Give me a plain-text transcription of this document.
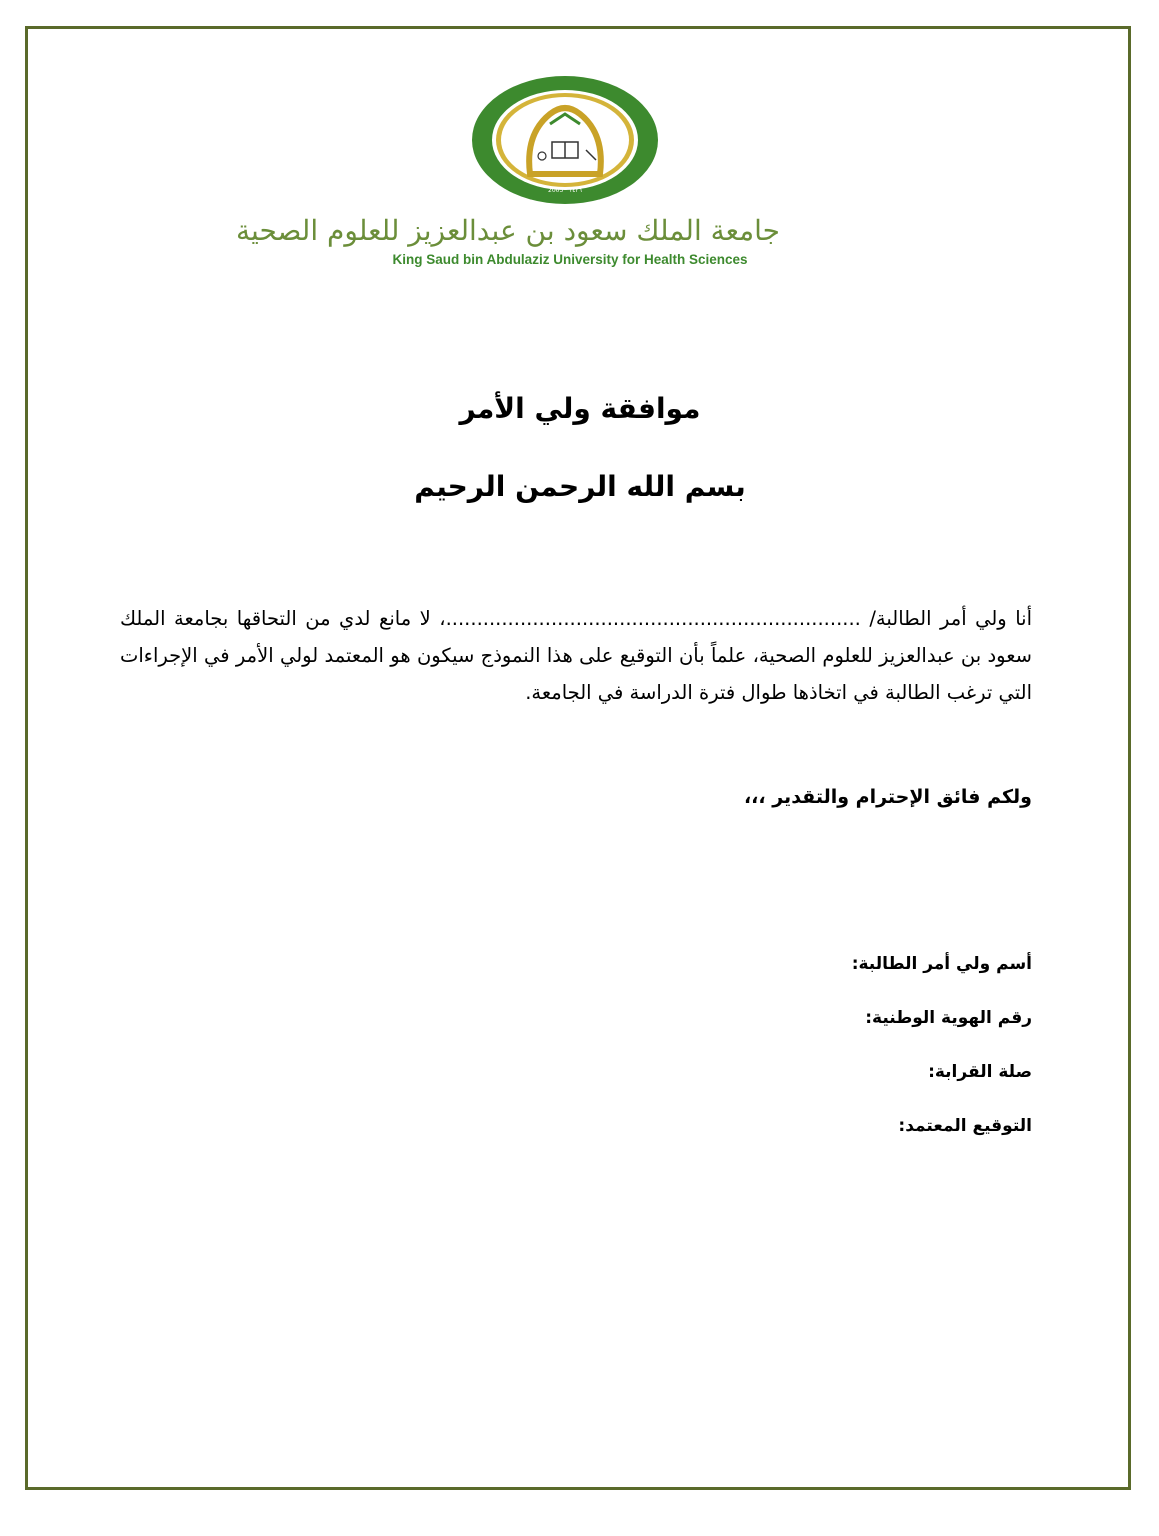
2005 · ١٤٢٦
جامعة الملك سعود بن عبدالعزيز للعلوم الصحية
King Saud bin Abdulaziz University for Health Sciences
موافقة ولي الأمر
بسم الله الرحمن الرحيم
أنا ولي أمر الطالبة/ ...................................................................، لا مانع لدي من التحاقها بجامعة الملك سعود بن عبدالعزيز للعلوم الصحية، علماً بأن التوقيع على هذا النموذج سيكون هو المعتمد لولي الأمر في الإجراءات التي ترغب الطالبة في اتخاذها طوال فترة الدراسة في الجامعة.
ولكم فائق الإحترام والتقدير ،،،
أسم ولي أمر الطالبة:
رقم الهوية الوطنية:
صلة القرابة:
التوقيع المعتمد:
